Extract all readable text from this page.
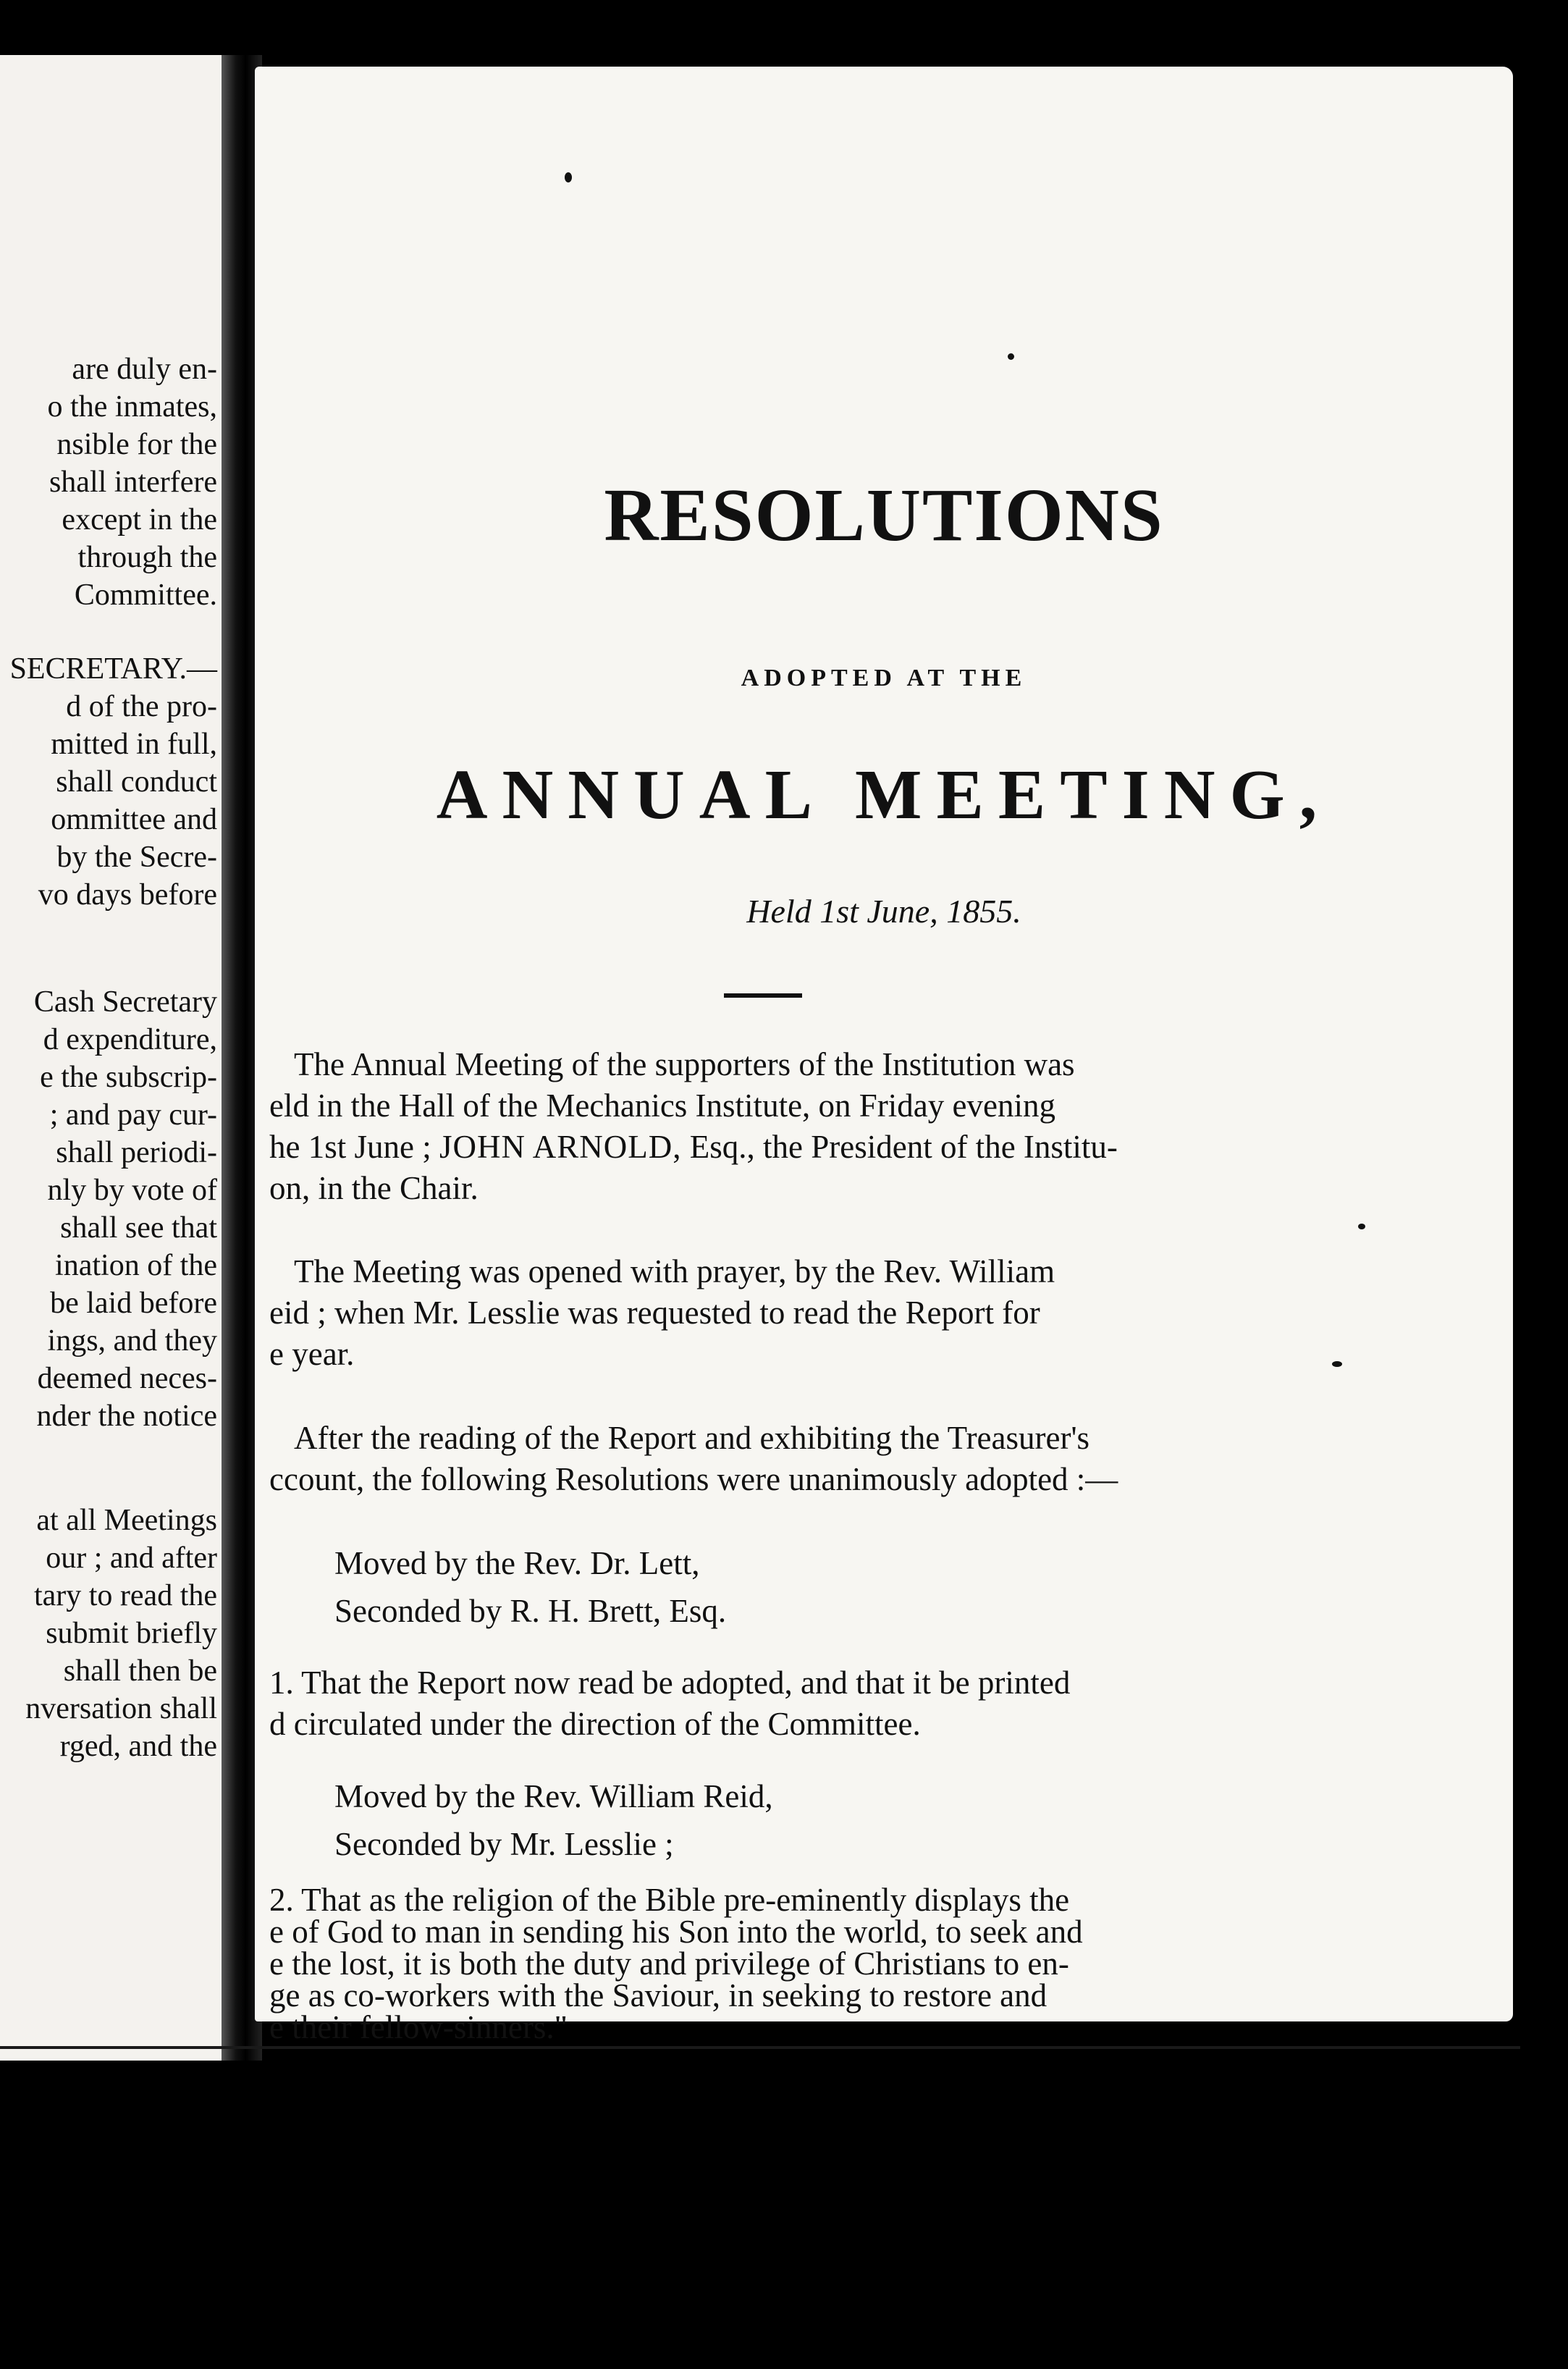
are duly en-
o the inmates,
nsible for the
shall interfere
except in the
through the
Committee.
SECRETARY.—
d of the pro-
mitted in full,
shall conduct
ommittee and
by the Secre-
vo days before
Cash Secretary
d expenditure,
e the subscrip-
; and pay cur-
shall periodi-
nly by vote of
shall see that
ination of the
be laid before
ings, and they
deemed neces-
nder the notice
at all Meetings
our ; and after
tary to read the
submit briefly
shall then be
nversation shall
rged, and the
RESOLUTIONS
ADOPTED AT THE
ANNUAL MEETING,
Held 1st June, 1855.
The Annual Meeting of the supporters of the Institution was
eld in the Hall of the Mechanics Institute, on Friday evening
he 1st June ; JOHN ARNOLD, Esq., the President of the Institu-
on, in the Chair.
The Meeting was opened with prayer, by the Rev. William
eid ; when Mr. Lesslie was requested to read the Report for
e year.
After the reading of the Report and exhibiting the Treasurer's
ccount, the following Resolutions were unanimously adopted :—
Moved by the Rev. Dr. Lett,
Seconded by R. H. Brett, Esq.
1. That the Report now read be adopted, and that it be printed
d circulated under the direction of the Committee.
Moved by the Rev. William Reid,
Seconded by Mr. Lesslie ;
2. That as the religion of the Bible pre-eminently displays the
e of God to man in sending his Son into the world, to seek and
e the lost, it is both the duty and privilege of Christians to en-
ge as co-workers with the Saviour, in seeking to restore and
e their fellow-sinners."
